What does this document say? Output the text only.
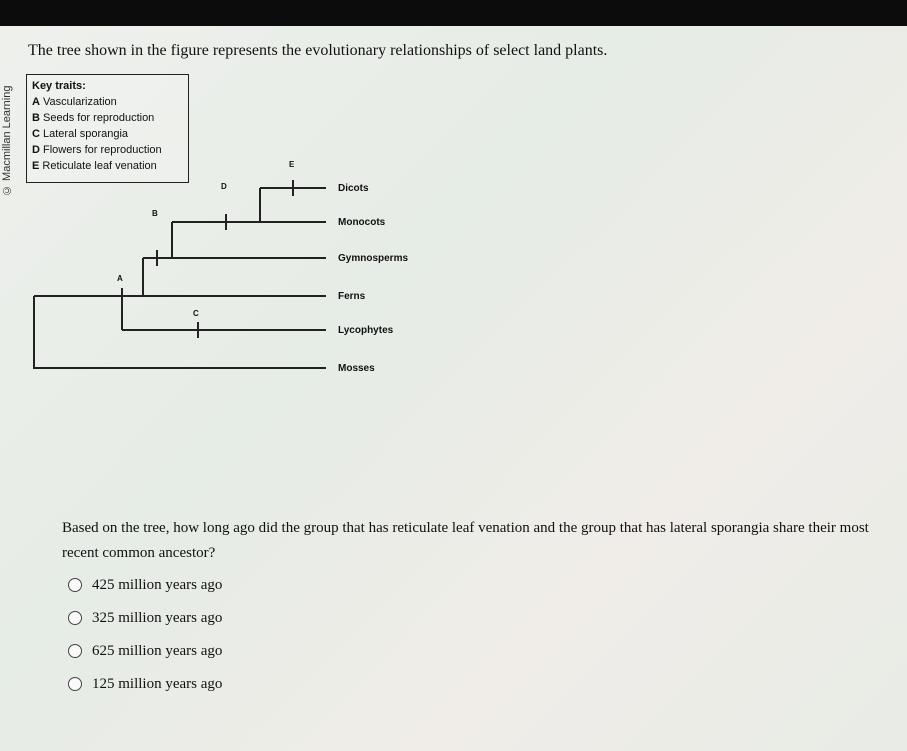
© Macmillan Learning
The tree shown in the figure represents the evolutionary relationships of select land plants.
Key traits:
A Vascularization
B Seeds for reproduction
C Lateral sporangia
D Flowers for reproduction
E Reticulate leaf venation
A
B
C
D
E
Dicots
Monocots
Gymnosperms
Ferns
Lycophytes
Mosses
Based on the tree, how long ago did the group that has reticulate leaf venation and the group that has lateral sporangia share their most recent common ancestor?
425 million years ago
325 million years ago
625 million years ago
125 million years ago
